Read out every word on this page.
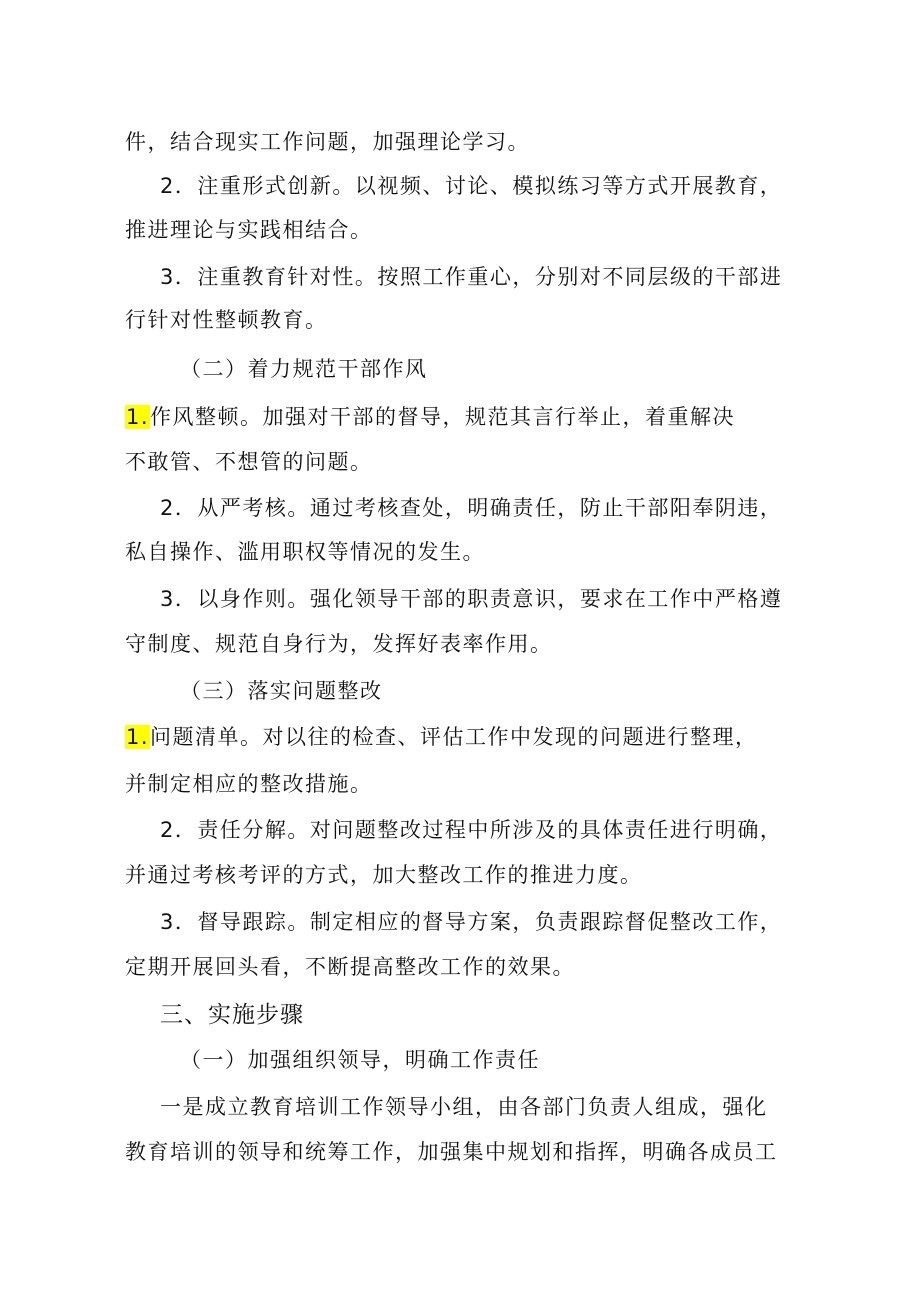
件，结合现实工作问题，加强理论学习。
2．注重形式创新。以视频、讨论、模拟练习等方式开展教育，
推进理论与实践相结合。
3．注重教育针对性。按照工作重心，分别对不同层级的干部进
行针对性整顿教育。
（二）着力规范干部作风
1.作风整顿。加强对干部的督导，规范其言行举止，着重解决
不敢管、不想管的问题。
2．从严考核。通过考核查处，明确责任，防止干部阳奉阴违，
私自操作、滥用职权等情况的发生。
3．以身作则。强化领导干部的职责意识，要求在工作中严格遵
守制度、规范自身行为，发挥好表率作用。
（三）落实问题整改
1.问题清单。对以往的检查、评估工作中发现的问题进行整理，
并制定相应的整改措施。
2．责任分解。对问题整改过程中所涉及的具体责任进行明确，
并通过考核考评的方式，加大整改工作的推进力度。
3．督导跟踪。制定相应的督导方案，负责跟踪督促整改工作，
定期开展回头看，不断提高整改工作的效果。
三、实施步骤
（一）加强组织领导，明确工作责任
一是成立教育培训工作领导小组，由各部门负责人组成，强化
教育培训的领导和统筹工作，加强集中规划和指挥，明确各成员工
